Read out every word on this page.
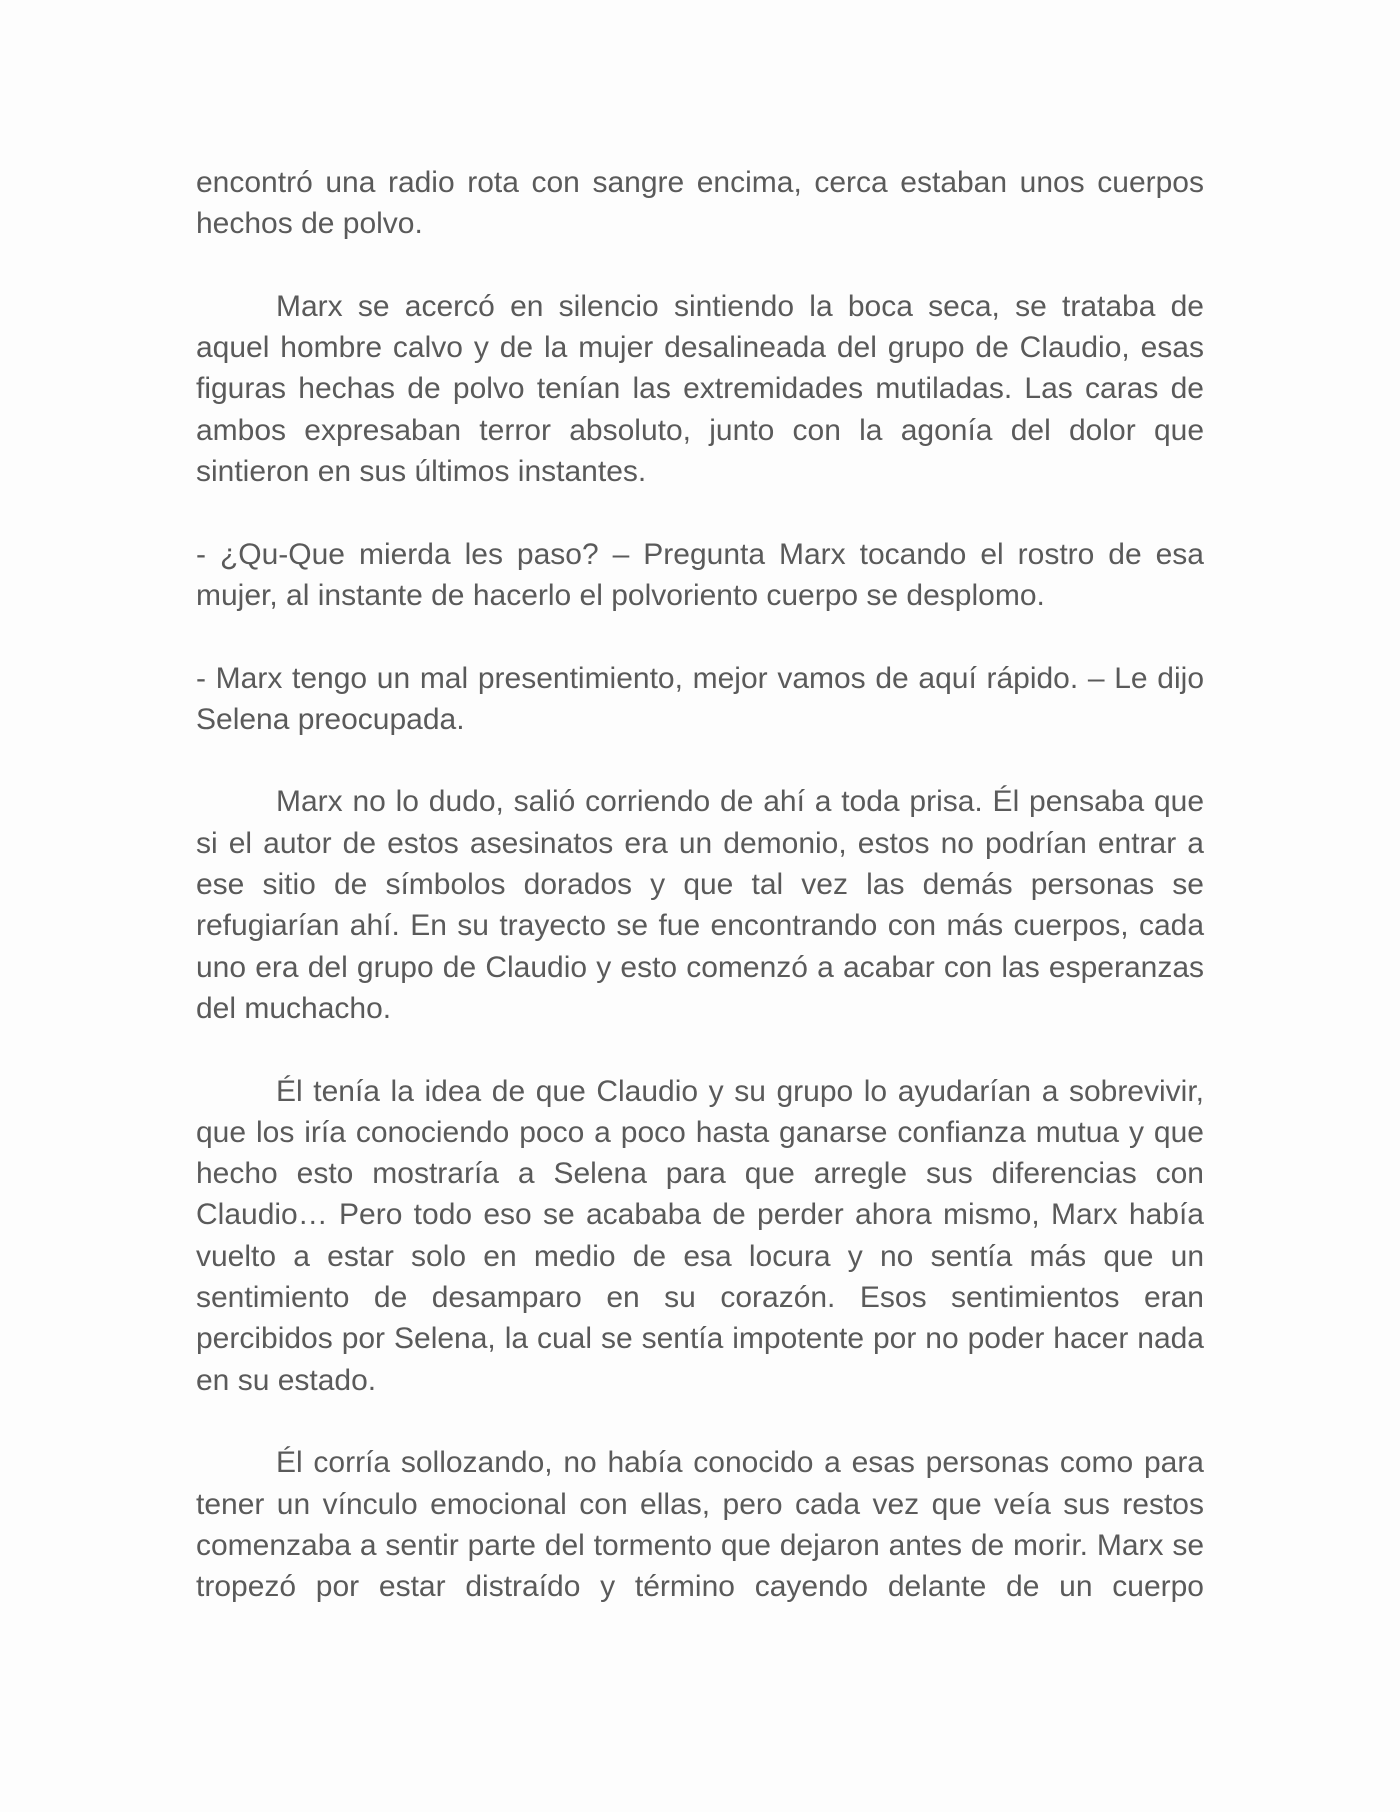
encontró una radio rota con sangre encima, cerca estaban unos cuerpos hechos de polvo.

Marx se acercó en silencio sintiendo la boca seca, se trataba de aquel hombre calvo y de la mujer desalineada del grupo de Claudio, esas figuras hechas de polvo tenían las extremidades mutiladas. Las caras de ambos expresaban terror absoluto, junto con la agonía del dolor que sintieron en sus últimos instantes.

- ¿Qu-Que mierda les paso? – Pregunta Marx tocando el rostro de esa mujer, al instante de hacerlo el polvoriento cuerpo se desplomo.

- Marx tengo un mal presentimiento, mejor vamos de aquí rápido. – Le dijo Selena preocupada.

Marx no lo dudo, salió corriendo de ahí a toda prisa. Él pensaba que si el autor de estos asesinatos era un demonio, estos no podrían entrar a ese sitio de símbolos dorados y que tal vez las demás personas se refugiarían ahí. En su trayecto se fue encontrando con más cuerpos, cada uno era del grupo de Claudio y esto comenzó a acabar con las esperanzas del muchacho.

Él tenía la idea de que Claudio y su grupo lo ayudarían a sobrevivir, que los iría conociendo poco a poco hasta ganarse confianza mutua y que hecho esto mostraría a Selena para que arregle sus diferencias con Claudio… Pero todo eso se acababa de perder ahora mismo, Marx había vuelto a estar solo en medio de esa locura y no sentía más que un sentimiento de desamparo en su corazón. Esos sentimientos eran percibidos por Selena, la cual se sentía impotente por no poder hacer nada en su estado.

Él corría sollozando, no había conocido a esas personas como para tener un vínculo emocional con ellas, pero cada vez que veía sus restos comenzaba a sentir parte del tormento que dejaron antes de morir. Marx se tropezó por estar distraído y término cayendo delante de un cuerpo
